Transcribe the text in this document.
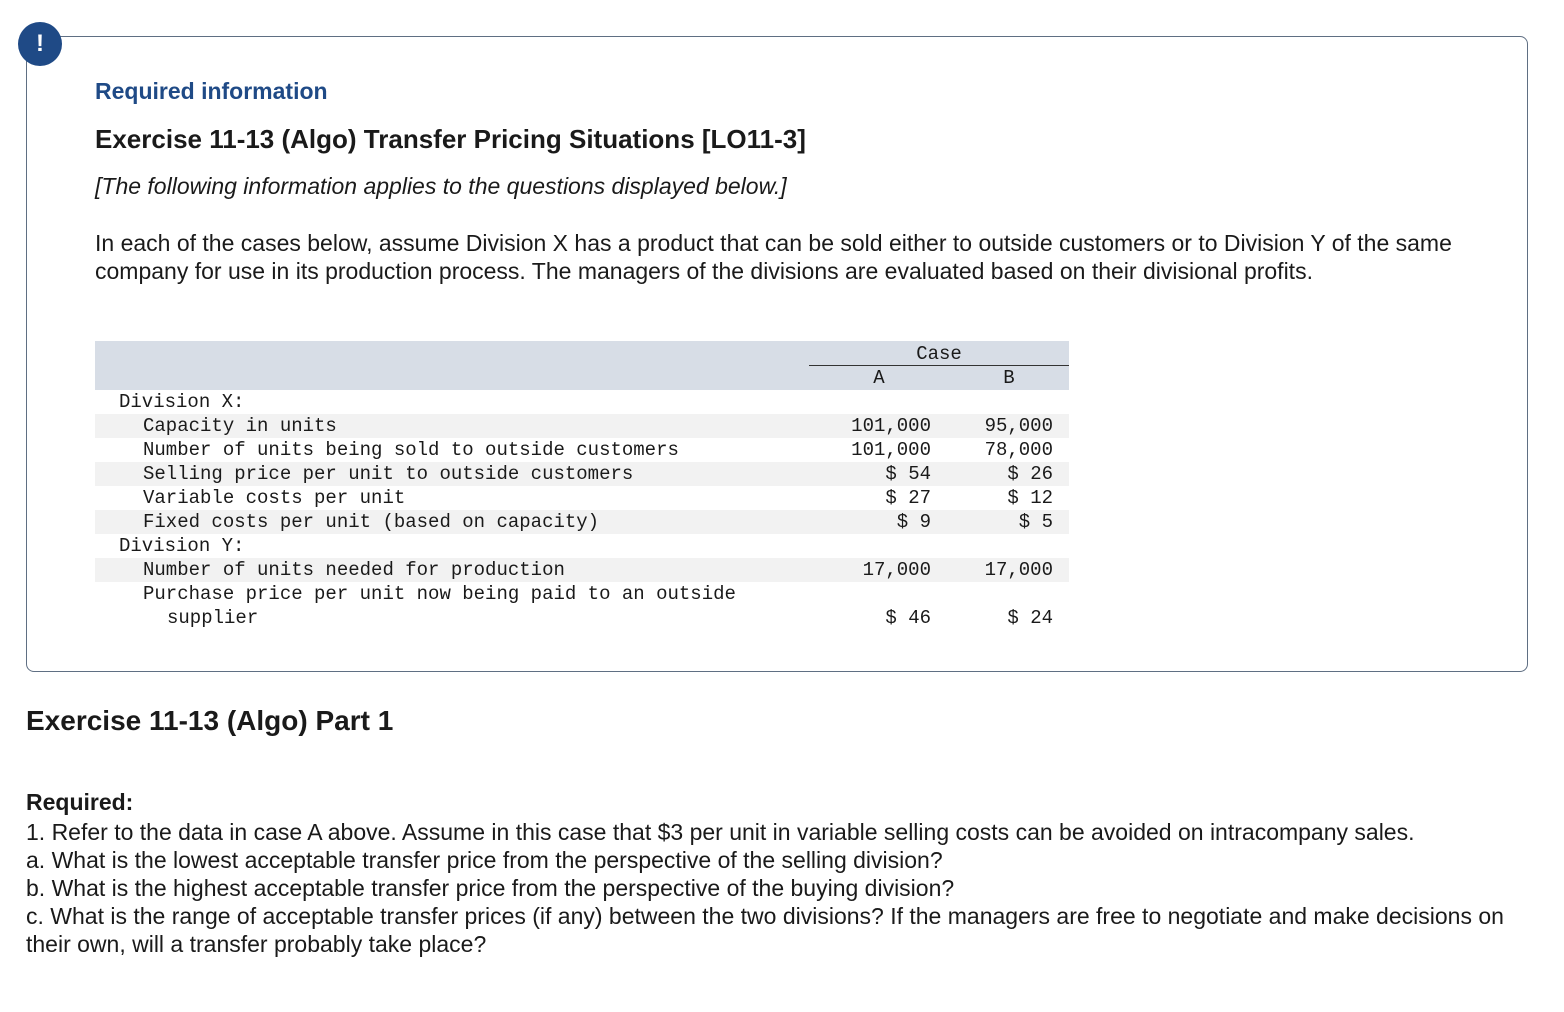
!
Required information
Exercise 11-13 (Algo) Transfer Pricing Situations [LO11-3]
[The following information applies to the questions displayed below.]
In each of the cases below, assume Division X has a product that can be sold either to outside customers or to Division Y of the same company for use in its production process. The managers of the divisions are evaluated based on their divisional profits.
Case
A	B
Division X:
Capacity in units	101,000	95,000
Number of units being sold to outside customers	101,000	78,000
Selling price per unit to outside customers	$ 54	$ 26
Variable costs per unit	$ 27	$ 12
Fixed costs per unit (based on capacity)	$ 9	$ 5
Division Y:
Number of units needed for production	17,000	17,000
Purchase price per unit now being paid to an outside
supplier	$ 46	$ 24
Exercise 11-13 (Algo) Part 1
Required:

1. Refer to the data in case A above. Assume in this case that $3 per unit in variable selling costs can be avoided on intracompany sales.

a. What is the lowest acceptable transfer price from the perspective of the selling division?

b. What is the highest acceptable transfer price from the perspective of the buying division?

c. What is the range of acceptable transfer prices (if any) between the two divisions? If the managers are free to negotiate and make decisions on their own, will a transfer probably take place?
